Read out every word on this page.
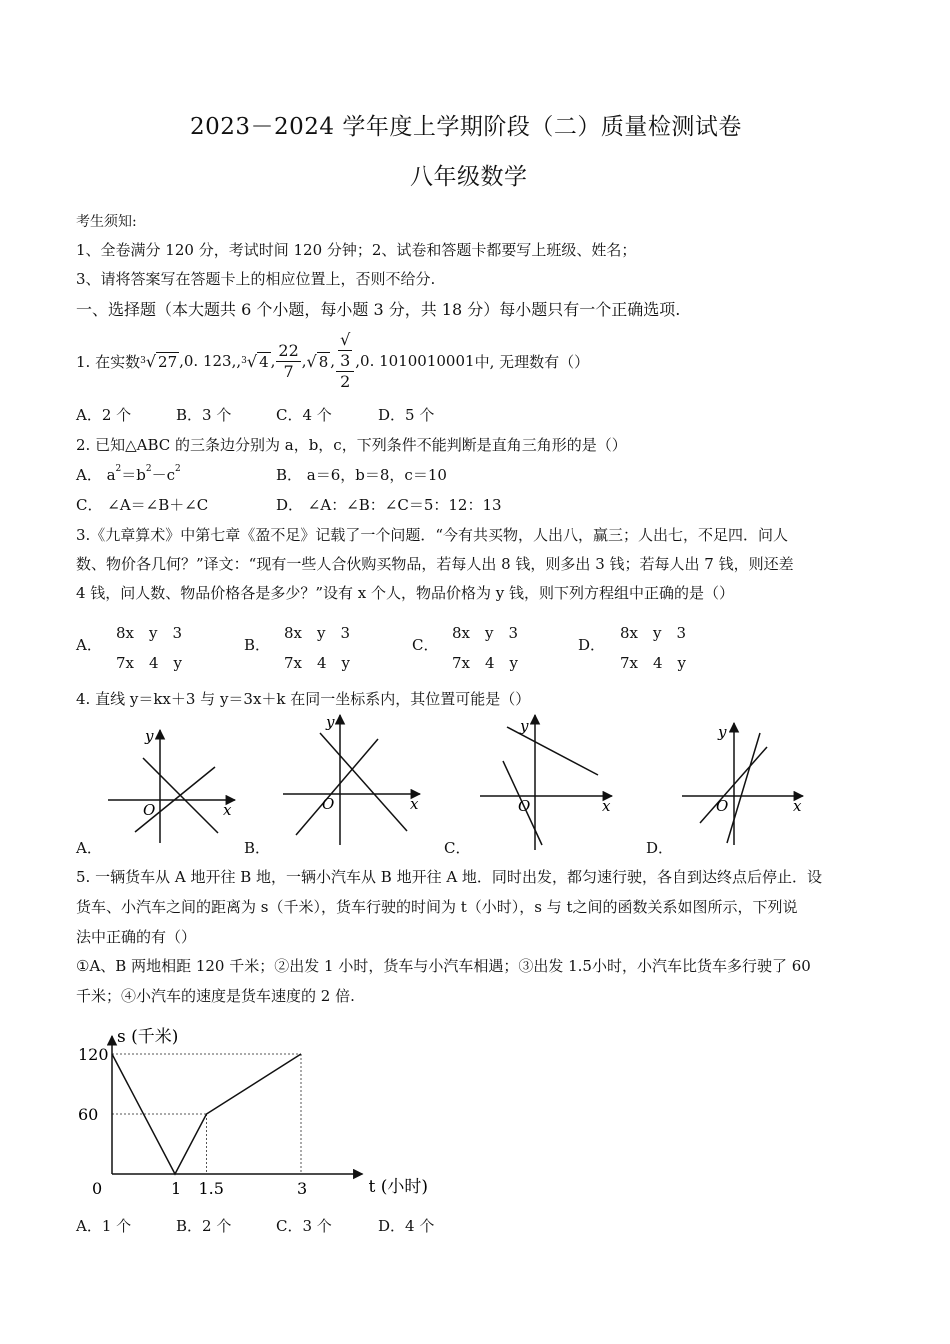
2023－2024 学年度上学期阶段（二）质量检测试卷
八年级数学
考生须知:
1、全卷满分 120 分，考试时间 120 分钟；2、试卷和答题卡都要写上班级、姓名；
3、请将答案写在答题卡上的相应位置上，否则不给分.
一、选择题（本大题共 6 个小题，每小题 3 分，共 18 分）每小题只有一个正确选项.
1. 在实数 3 √ 27 ,0. 123,, 3 √ 4 , $\frac{22}{7}$ , √ 8 , √
3
2 ,0. 1010010001 中, 无理数有（）
A．2 个	B．3 个	C．4 个	D．5 个
2. 已知△ABC 的三条边分别为 a，b，c，下列条件不能判断是直角三角形的是（）
A． $a^2=b^2-c^2$	B． a＝6，b＝8，c＝10
C． ∠A＝∠B＋∠C	D． ∠A：∠B：∠C＝5：12：13
3.《九章算术》中第七章《盈不足》记载了一个问题．“今有共买物，人出八，赢三；人出七，不足四．问人
数、物价各几何？”译文：“现有一些人合伙购买物品，若每人出 8 钱，则多出 3 钱；若每人出 7 钱，则还差
4 钱，问人数、物品价格各是多少？”设有 x 个人，物品价格为 y 钱，则下列方程组中正确的是（）
A．
8x　y　3
7x　4　y
B．
8x　y　3
7x　4　y
C．
8x　y　3
7x　4　y
D．
8x　y　3
7x　4　y
4. 直线 y＝kx＋3 与 y＝3x＋k 在同一坐标系内，其位置可能是（）
O	x
y
O	x
y
O	x
y
O	x
y
A．	B．	C．	D．
5. 一辆货车从 A 地开往 B 地，一辆小汽车从 B 地开往 A 地．同时出发，都匀速行驶，各自到达终点后停止．设
货车、小汽车之间的距离为 s（千米），货车行驶的时间为 t（小时），s 与 t之间的函数关系如图所示，下列说
法中正确的有（）
①A、B 两地相距 120 千米；②出发 1 小时，货车与小汽车相遇；③出发 1.5小时，小汽车比货车多行驶了 60
千米；④小汽车的速度是货车速度的 2 倍.
0	1 1.5	3
60
120
s (千米)
t (小时)
A．1 个	B．2 个	C．3 个	D．4 个
